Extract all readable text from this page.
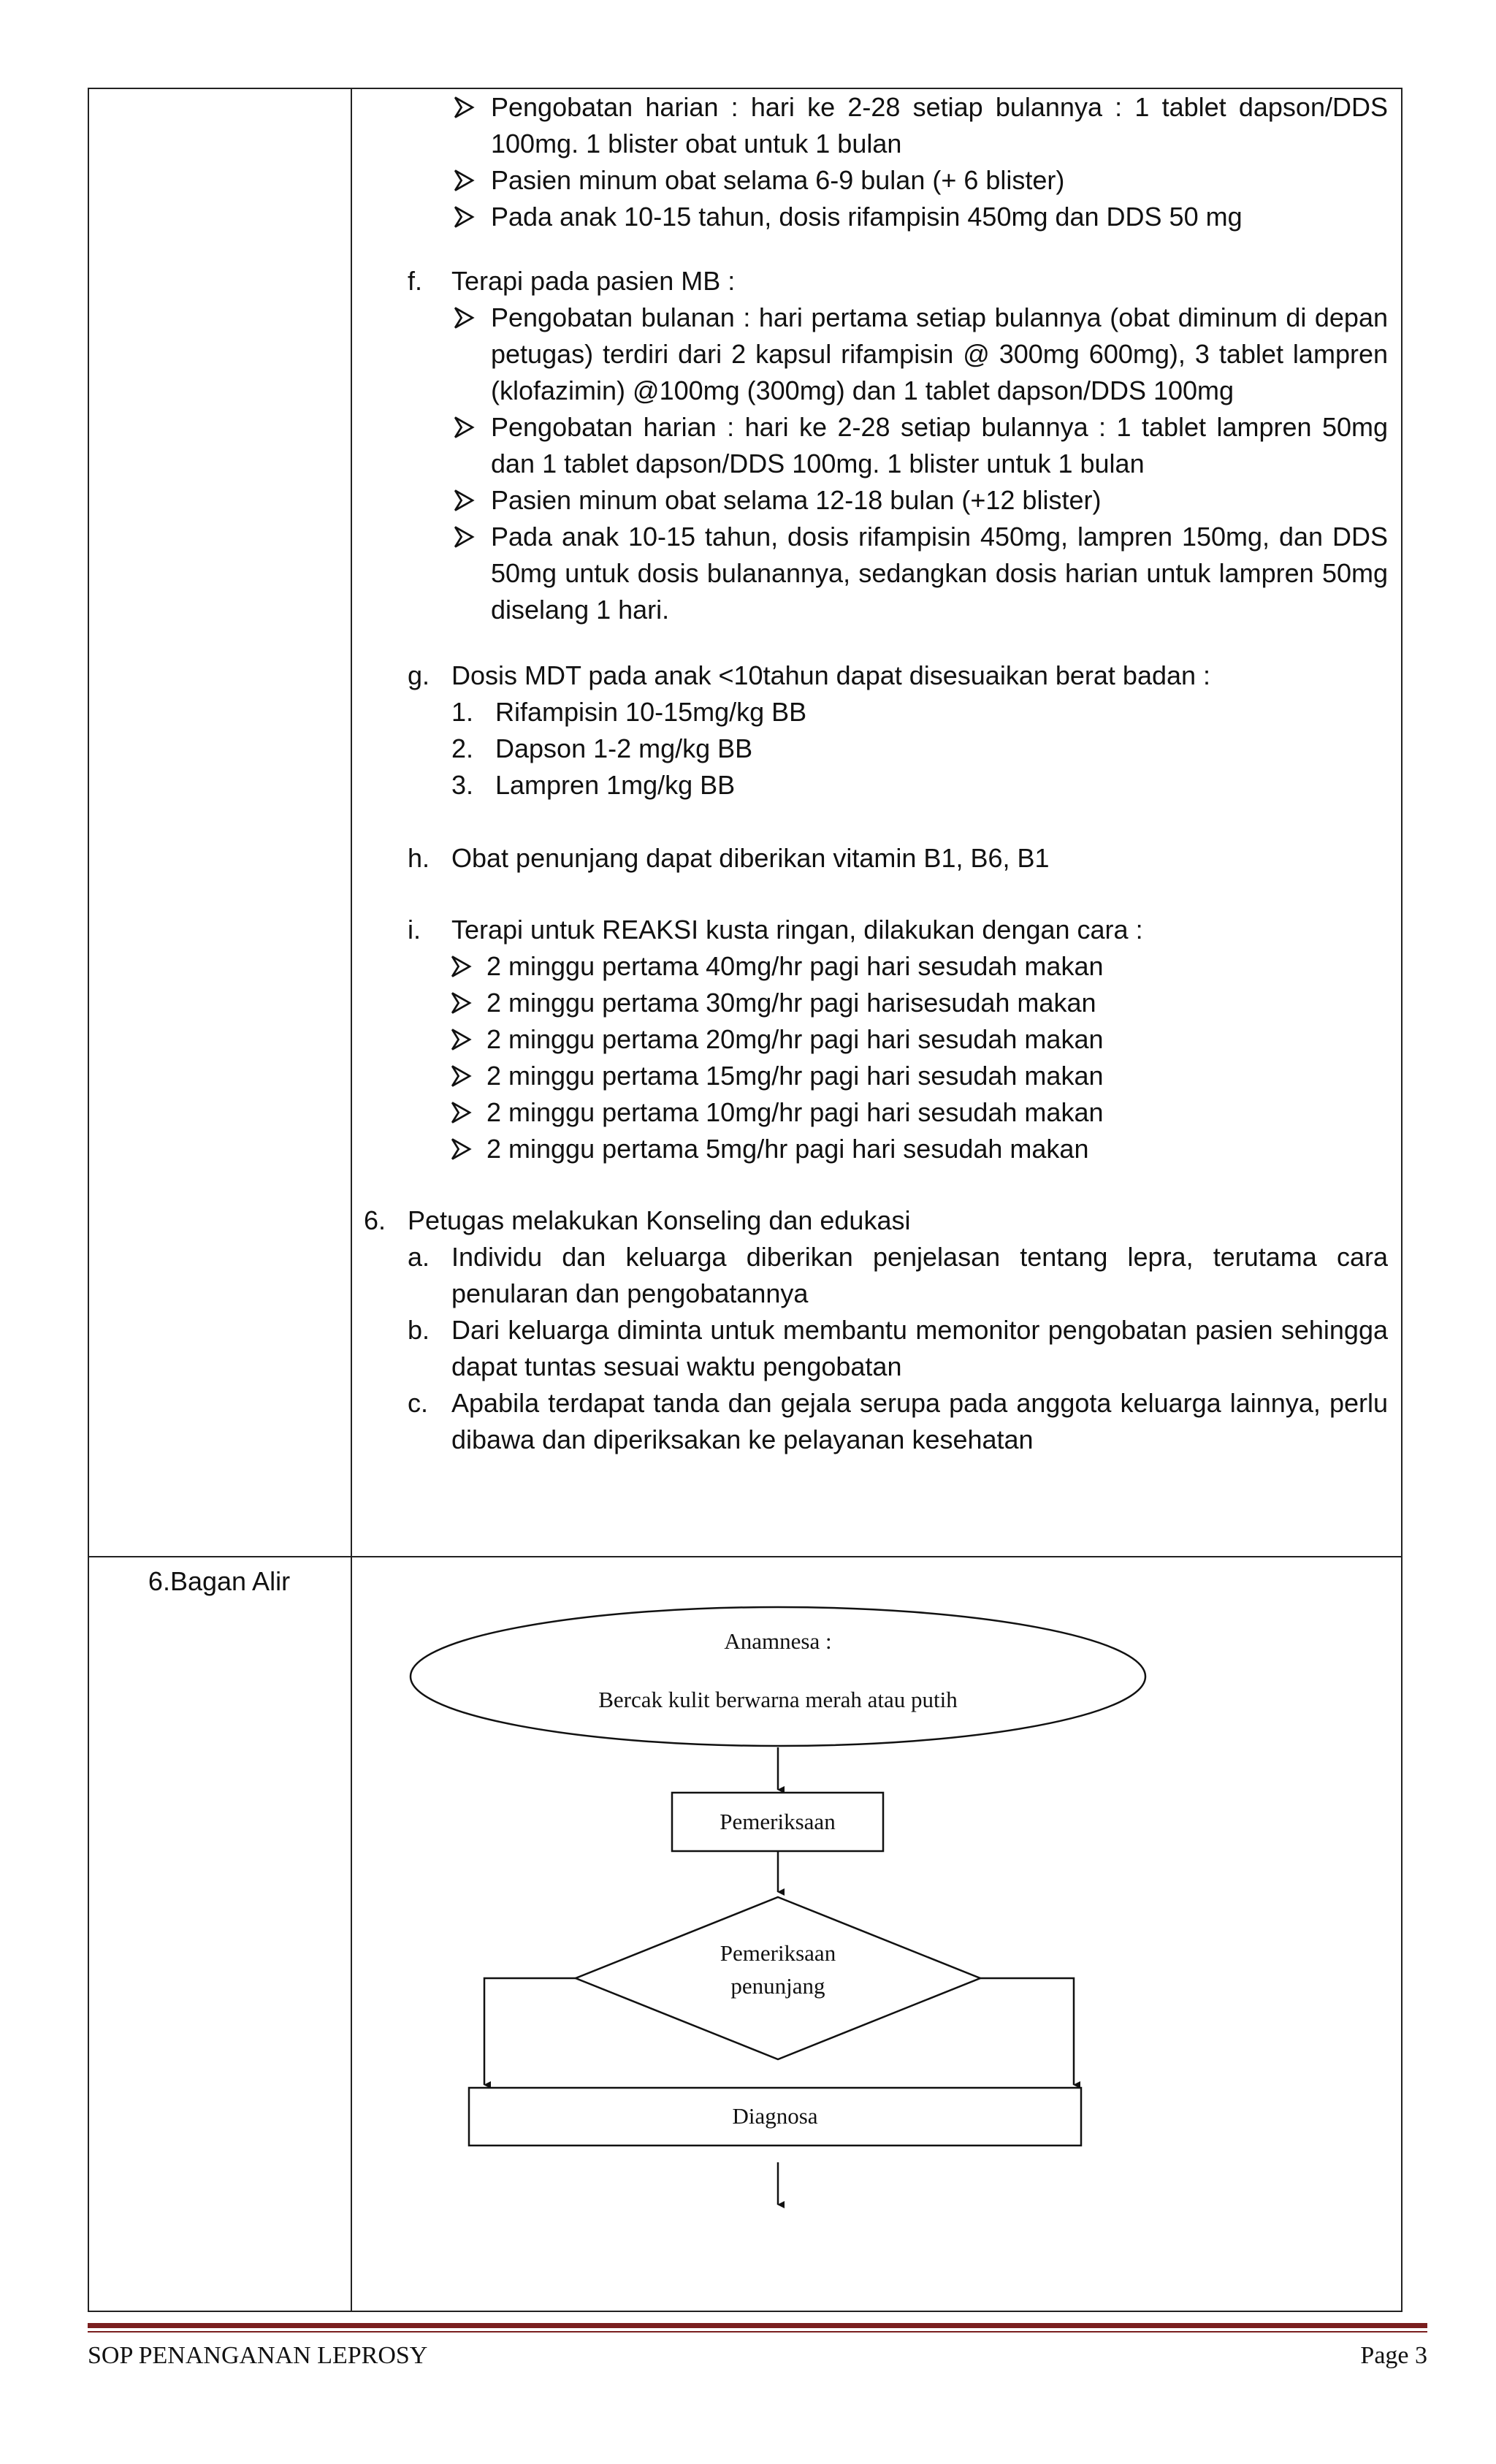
Pengobatan harian : hari ke 2-28 setiap bulannya : 1 tablet dapson/DDS 100mg. 1 blister obat untuk 1 bulan
Pasien minum obat selama 6-9 bulan (+ 6 blister)
Pada anak 10-15 tahun, dosis rifampisin 450mg dan DDS 50 mg
f.	Terapi pada pasien MB :
Pengobatan bulanan : hari pertama setiap bulannya (obat diminum di depan petugas) terdiri dari 2 kapsul rifampisin @ 300mg 600mg), 3 tablet lampren (klofazimin) @100mg (300mg) dan 1 tablet dapson/DDS 100mg
Pengobatan harian : hari ke 2-28 setiap bulannya : 1 tablet lampren 50mg dan 1 tablet dapson/DDS 100mg. 1 blister untuk 1 bulan
Pasien minum obat selama 12-18 bulan (+12 blister)
Pada anak 10-15 tahun, dosis rifampisin 450mg, lampren 150mg, dan DDS 50mg untuk dosis bulanannya, sedangkan dosis harian untuk lampren 50mg diselang 1 hari.
g. Dosis MDT pada anak <10tahun dapat disesuaikan berat badan :
1. Rifampisin 10-15mg/kg BB
2. Dapson 1-2 mg/kg BB
3. Lampren 1mg/kg BB
h. Obat penunjang dapat diberikan vitamin B1, B6, B1
i.	Terapi untuk REAKSI kusta ringan, dilakukan dengan cara :
2 minggu pertama 40mg/hr pagi hari sesudah makan
2 minggu pertama 30mg/hr pagi harisesudah makan
2 minggu pertama 20mg/hr pagi hari sesudah makan
2 minggu pertama 15mg/hr pagi hari sesudah makan
2 minggu pertama 10mg/hr pagi hari sesudah makan
2 minggu pertama 5mg/hr pagi hari sesudah makan
6. Petugas melakukan Konseling dan edukasi
a. Individu dan keluarga diberikan penjelasan tentang lepra, terutama cara penularan dan pengobatannya
b. Dari keluarga diminta untuk membantu memonitor pengobatan pasien sehingga dapat tuntas sesuai waktu pengobatan
c. Apabila terdapat tanda dan gejala serupa pada anggota keluarga lainnya, perlu dibawa dan diperiksakan ke pelayanan kesehatan
6.Bagan Alir
Anamnesa :
Bercak kulit berwarna merah atau putih
Pemeriksaan
Pemeriksaan
penunjang
Diagnosa
SOP PENANGANAN LEPROSY	Page 3
